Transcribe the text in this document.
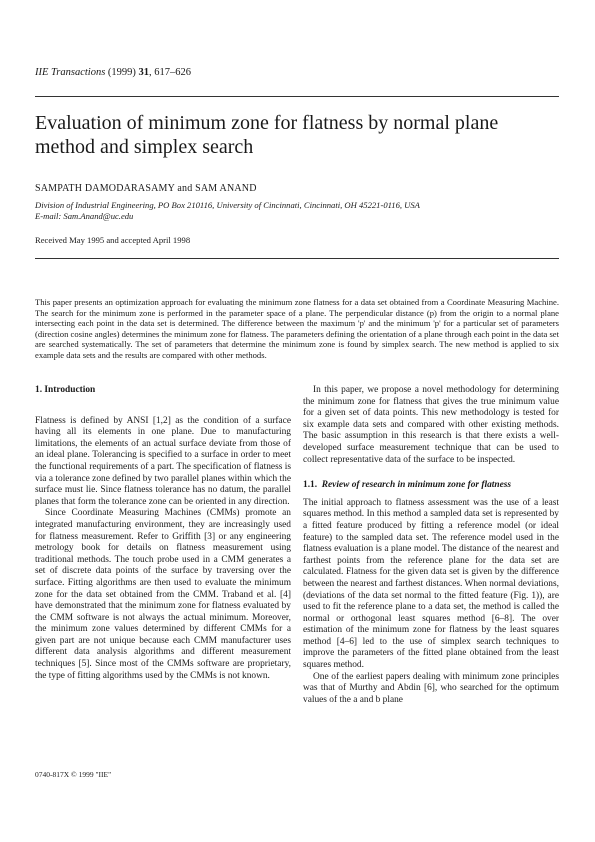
IIE Transactions (1999) 31, 617–626
Evaluation of minimum zone for flatness by normal plane method and simplex search
SAMPATH DAMODARASAMY and SAM ANAND
Division of Industrial Engineering, PO Box 210116, University of Cincinnati, Cincinnati, OH 45221-0116, USA
E-mail: Sam.Anand@uc.edu
Received May 1995 and accepted April 1998

This paper presents an optimization approach for evaluating the minimum zone flatness for a data set obtained from a Coordinate Measuring Machine. The search for the minimum zone is performed in the parameter space of a plane. The perpendicular distance (p) from the origin to a normal plane intersecting each point in the data set is determined. The difference between the maximum 'p' and the minimum 'p' for a particular set of parameters (direction cosine angles) determines the minimum zone for flatness. The parameters defining the orientation of a plane through each point in the data set are searched systematically. The set of parameters that determine the minimum zone is found by simplex search. The new method is applied to six example data sets and the results are compared with other methods.

1. Introduction

Flatness is defined by ANSI [1,2] as the condition of a surface having all its elements in one plane. Due to manufacturing limitations, the elements of an actual surface deviate from those of an ideal plane. Tolerancing is specified to a surface in order to meet the functional requirements of a part. The specification of flatness is via a tolerance zone defined by two parallel planes within which the surface must lie. Since flatness tolerance has no datum, the parallel planes that form the tolerance zone can be oriented in any direction.

Since Coordinate Measuring Machines (CMMs) promote an integrated manufacturing environment, they are increasingly used for flatness measurement. Refer to Griffith [3] or any engineering metrology book for details on flatness measurement using traditional methods. The touch probe used in a CMM generates a set of discrete data points of the surface by traversing over the surface. Fitting algorithms are then used to evaluate the minimum zone for the data set obtained from the CMM. Traband et al. [4] have demonstrated that the minimum zone for flatness evaluated by the CMM software is not always the actual minimum. Moreover, the minimum zone values determined by different CMMs for a given part are not unique because each CMM manufacturer uses different data analysis algorithms and different measurement techniques [5]. Since most of the CMMs software are proprietary, the type of fitting algorithms used by the CMMs is not known.

In this paper, we propose a novel methodology for determining the minimum zone for flatness that gives the true minimum value for a given set of data points. This new methodology is tested for six example data sets and compared with other existing methods. The basic assumption in this research is that there exists a well-developed surface measurement technique that can be used to collect representative data of the surface to be inspected.

1.1. Review of research in minimum zone for flatness

The initial approach to flatness assessment was the use of a least squares method. In this method a sampled data set is represented by a fitted feature produced by fitting a reference model (or ideal feature) to the sampled data set. The reference model used in the flatness evaluation is a plane model. The distance of the nearest and farthest points from the reference plane for the data set are calculated. Flatness for the given data set is given by the difference between the nearest and farthest distances. When normal deviations, (deviations of the data set normal to the fitted feature (Fig. 1)), are used to fit the reference plane to a data set, the method is called the normal or orthogonal least squares method [6–8]. The over estimation of the minimum zone for flatness by the least squares method [4–6] led to the use of simplex search techniques to improve the parameters of the fitted plane obtained from the least squares method.

One of the earliest papers dealing with minimum zone principles was that of Murthy and Abdin [6], who searched for the optimum values of the a and b plane

0740-817X © 1999 "IIE"
